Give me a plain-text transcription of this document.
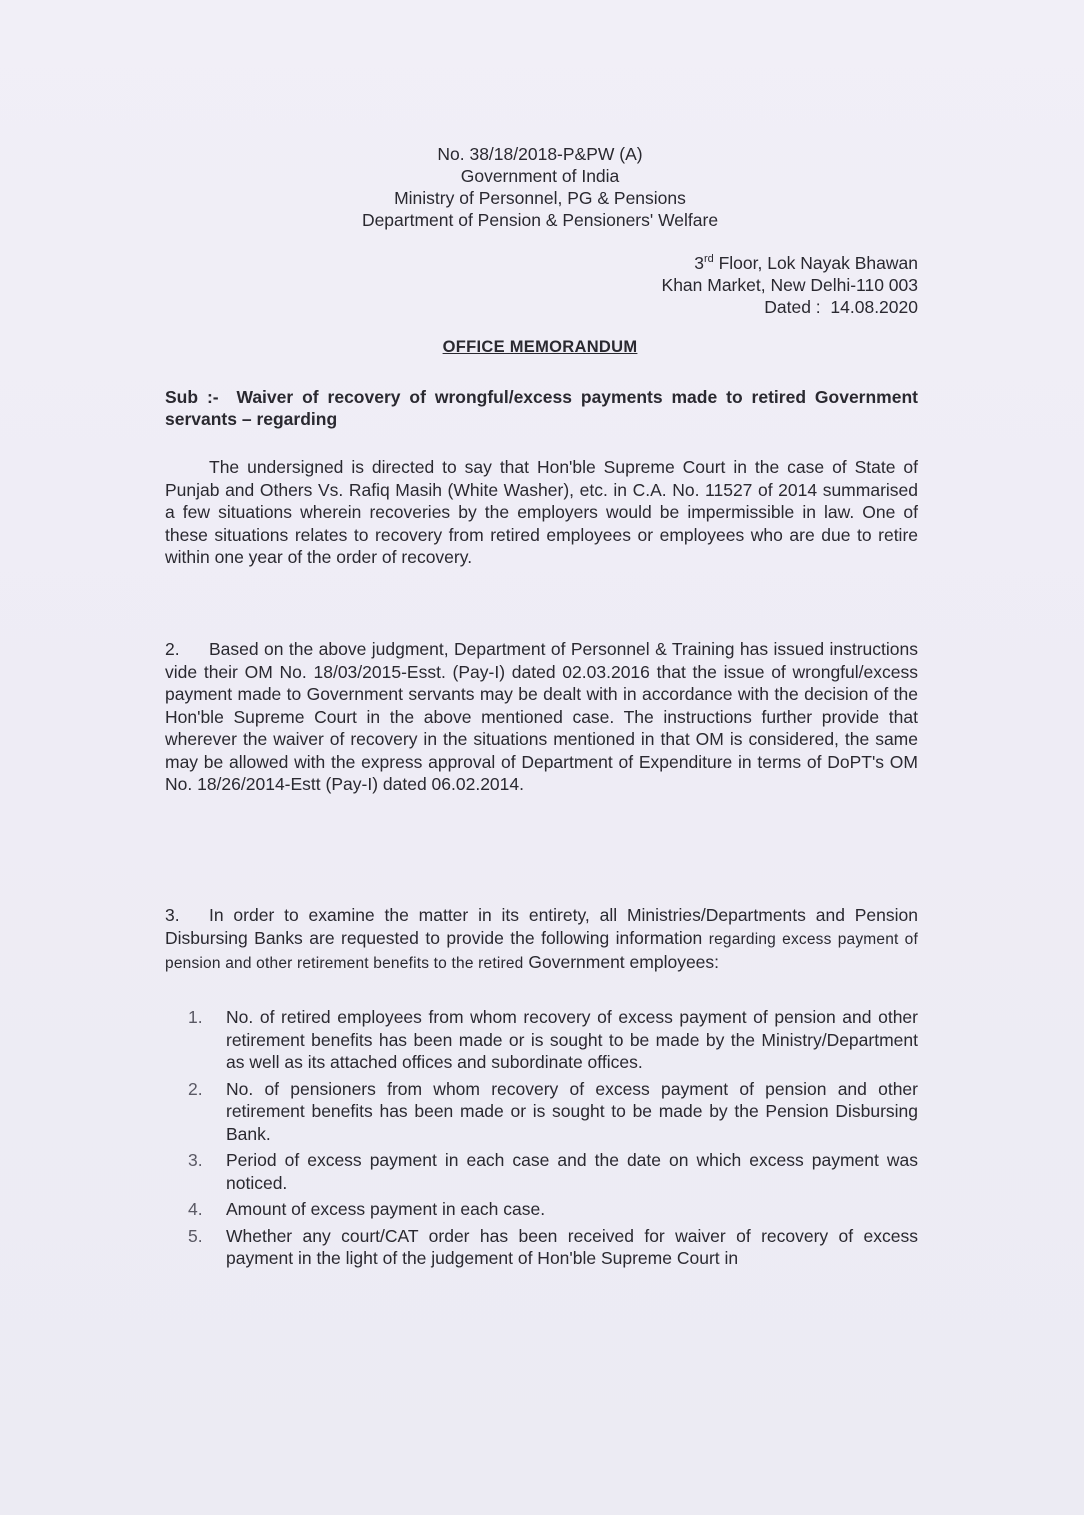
No. 38/18/2018-P&PW (A)
Government of India
Ministry of Personnel, PG & Pensions
Department of Pension & Pensioners' Welfare
3rd Floor, Lok Nayak Bhawan
Khan Market, New Delhi-110 003
Dated : 14.08.2020
OFFICE MEMORANDUM
Sub :- Waiver of recovery of wrongful/excess payments made to retired Government servants – regarding
The undersigned is directed to say that Hon'ble Supreme Court in the case of State of Punjab and Others Vs. Rafiq Masih (White Washer), etc. in C.A. No. 11527 of 2014 summarised a few situations wherein recoveries by the employers would be impermissible in law. One of these situations relates to recovery from retired employees or employees who are due to retire within one year of the order of recovery.
2. Based on the above judgment, Department of Personnel & Training has issued instructions vide their OM No. 18/03/2015-Esst. (Pay-I) dated 02.03.2016 that the issue of wrongful/excess payment made to Government servants may be dealt with in accordance with the decision of the Hon'ble Supreme Court in the above mentioned case. The instructions further provide that wherever the waiver of recovery in the situations mentioned in that OM is considered, the same may be allowed with the express approval of Department of Expenditure in terms of DoPT's OM No. 18/26/2014-Estt (Pay-I) dated 06.02.2014.
3. In order to examine the matter in its entirety, all Ministries/Departments and Pension Disbursing Banks are requested to provide the following information regarding excess payment of pension and other retirement benefits to the retired Government employees:
1.	No. of retired employees from whom recovery of excess payment of pension and other retirement benefits has been made or is sought to be made by the Ministry/Department as well as its attached offices and subordinate offices.
2.	No. of pensioners from whom recovery of excess payment of pension and other retirement benefits has been made or is sought to be made by the Pension Disbursing Bank.
3.	Period of excess payment in each case and the date on which excess payment was noticed.
4.	Amount of excess payment in each case.
5.	Whether any court/CAT order has been received for waiver of recovery of excess payment in the light of the judgement of Hon'ble Supreme Court in
